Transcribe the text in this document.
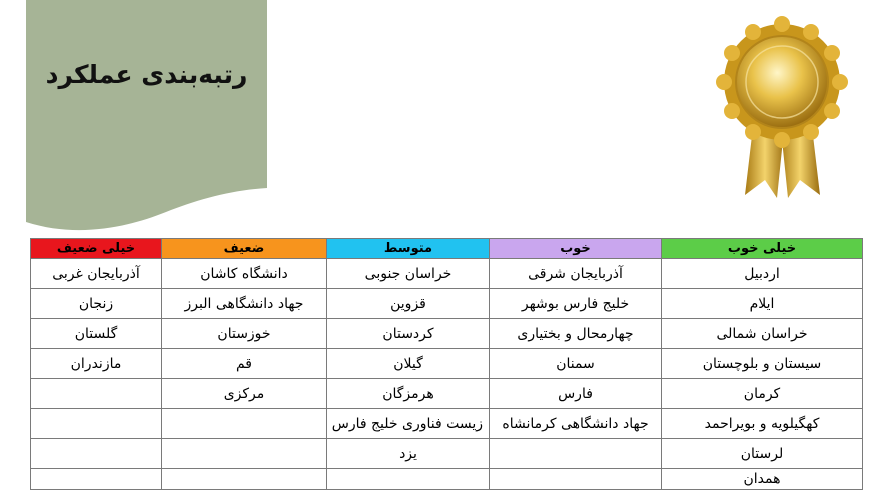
رتبه‌بندی عملکرد
خیلی ضعیف	ضعیف	متوسط	خوب	خیلی خوب
آذربایجان غربی	دانشگاه کاشان	خراسان جنوبی	آذربایجان شرقی	اردبیل
زنجان	جهاد دانشگاهی البرز	قزوین	خلیج فارس بوشهر	ایلام
گلستان	خوزستان	کردستان	چهارمحال و بختیاری	خراسان شمالی
مازندران	قم	گیلان	سمنان	سیستان و بلوچستان
	مرکزی	هرمزگان	فارس	کرمان
		زیست فناوری خلیج فارس	جهاد دانشگاهی کرمانشاه	کهگیلویه و بویراحمد
		یزد		لرستان
				همدان
